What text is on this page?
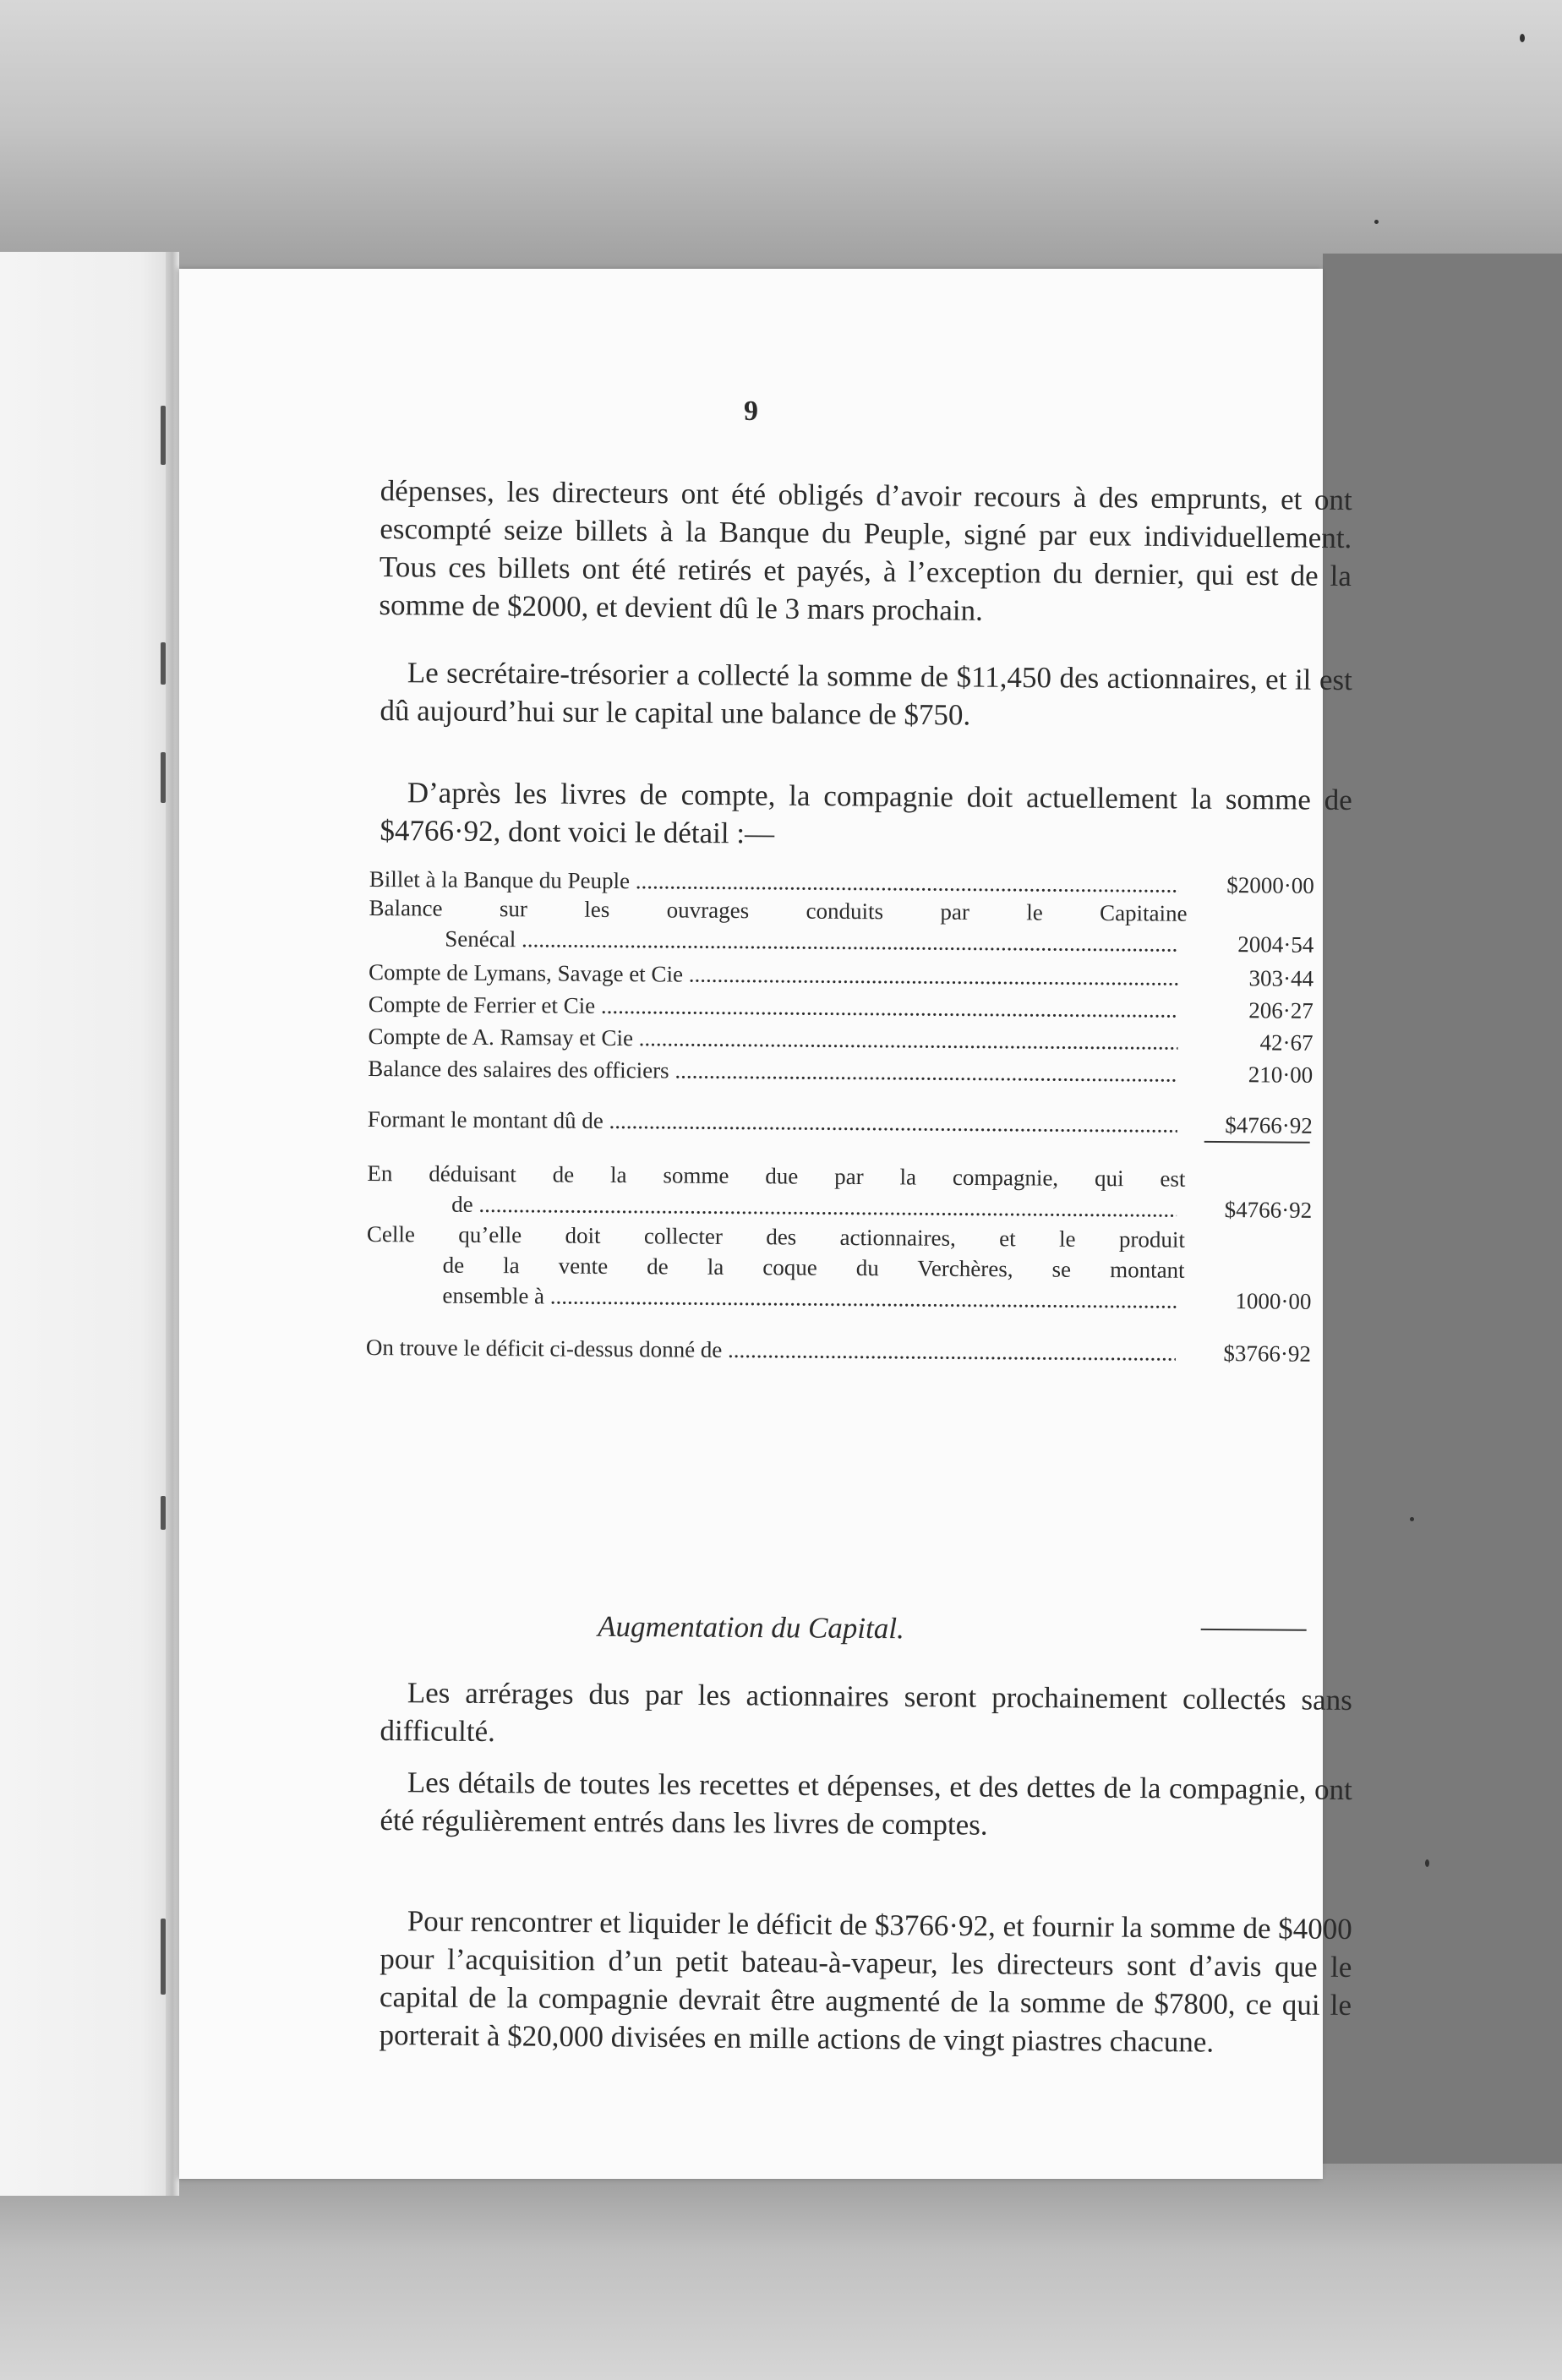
9

dépenses, les directeurs ont été obligés d’avoir recours à des emprunts, et ont escompté seize billets à la Banque du Peuple, signé par eux individuellement. Tous ces billets ont été retirés et payés, à l’exception du dernier, qui est de la somme de $2000, et devient dû le 3 mars prochain.

Le secrétaire-trésorier a collecté la somme de $11,450 des actionnaires, et il est dû aujourd’hui sur le capital une balance de $750.

D’après les livres de compte, la compagnie doit actuellement la somme de $4766·92, dont voici le détail :—

Billet à la Banque du Peuple .....	$2000·00
Balance sur les ouvrages conduits par le Capitaine
Senécal .....	2004·54
Compte de Lymans, Savage et Cie .....	303·44
Compte de Ferrier et Cie .....	206·27
Compte de A. Ramsay et Cie .....	42·67
Balance des salaires des officiers .....	210·00
Formant le montant dû de .....	$4766·92
En déduisant de la somme due par la compagnie, qui est
de .....	$4766·92
Celle qu’elle doit collecter des actionnaires, et le produit
de la vente de la coque du Verchères, se montant
ensemble à .....	1000·00
On trouve le déficit ci-dessus donné de .....	$3766·92

Les arrérages dus par les actionnaires seront prochainement collectés sans difficulté.

Les détails de toutes les recettes et dépenses, et des dettes de la compagnie, ont été régulièrement entrés dans les livres de comptes.

Augmentation du Capital.

Pour rencontrer et liquider le déficit de $3766·92, et fournir la somme de $4000 pour l’acquisition d’un petit bateau-à-vapeur, les directeurs sont d’avis que le capital de la compagnie devrait être augmenté de la somme de $7800, ce qui le porterait à $20,000 divisées en mille actions de vingt piastres chacune.
